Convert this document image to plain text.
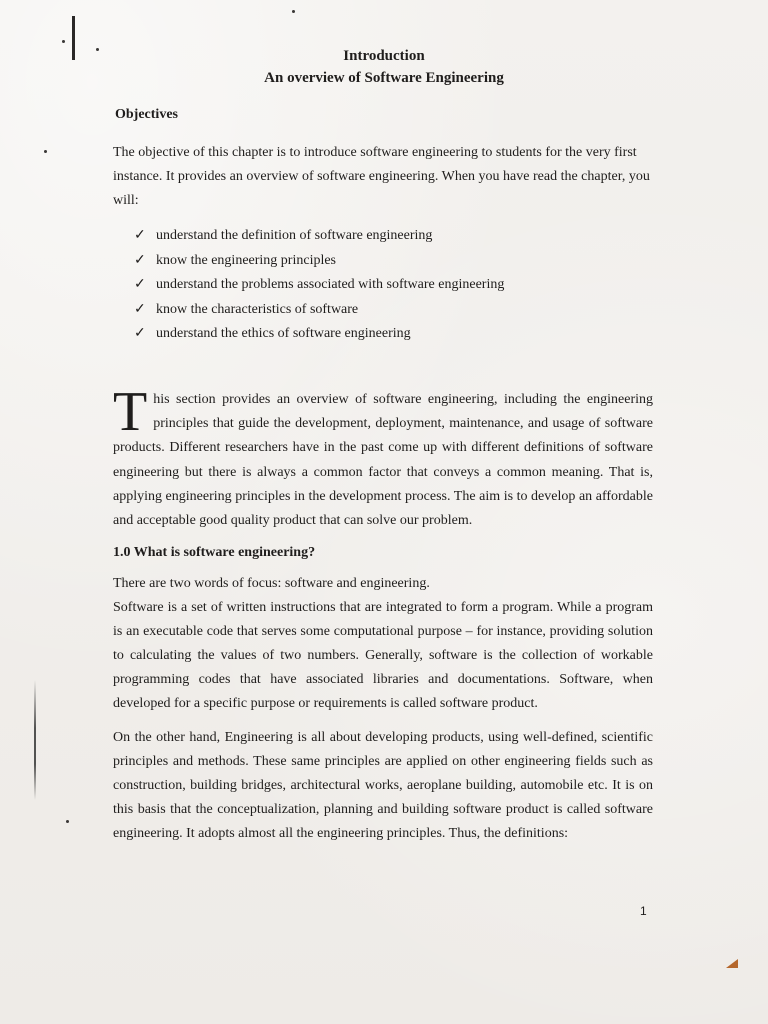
Introduction
An overview of Software Engineering
Objectives

The objective of this chapter is to introduce software engineering to students for the very first instance. It provides an overview of software engineering. When you have read the chapter, you will:

✓ understand the definition of software engineering
✓ know the engineering principles
✓ understand the problems associated with software engineering
✓ know the characteristics of software
✓ understand the ethics of software engineering

This section provides an overview of software engineering, including the engineering principles that guide the development, deployment, maintenance, and usage of software products. Different researchers have in the past come up with different definitions of software engineering but there is always a common factor that conveys a common meaning. That is, applying engineering principles in the development process. The aim is to develop an affordable and acceptable good quality product that can solve our problem.

1.0 What is software engineering?

There are two words of focus: software and engineering.
Software is a set of written instructions that are integrated to form a program. While a program is an executable code that serves some computational purpose – for instance, providing solution to calculating the values of two numbers. Generally, software is the collection of workable programming codes that have associated libraries and documentations. Software, when developed for a specific purpose or requirements is called software product.

On the other hand, Engineering is all about developing products, using well-defined, scientific principles and methods. These same principles are applied on other engineering fields such as construction, building bridges, architectural works, aeroplane building, automobile etc. It is on this basis that the conceptualization, planning and building software product is called software engineering. It adopts almost all the engineering principles. Thus, the definitions:

1
